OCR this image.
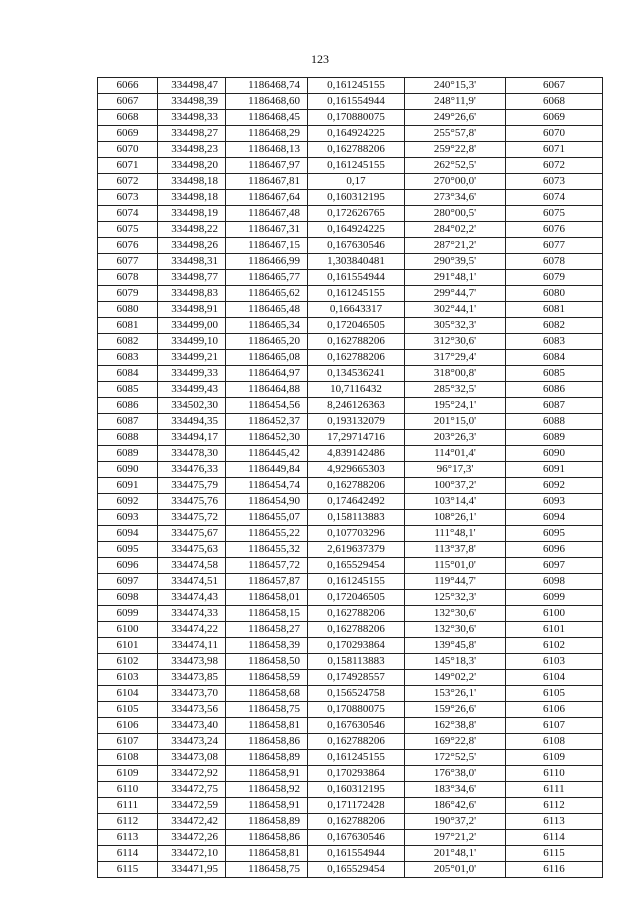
123
6066	334498,47	1186468,74	0,161245155	240°15,3'	6067
6067	334498,39	1186468,60	0,161554944	248°11,9'	6068
6068	334498,33	1186468,45	0,170880075	249°26,6'	6069
6069	334498,27	1186468,29	0,164924225	255°57,8'	6070
6070	334498,23	1186468,13	0,162788206	259°22,8'	6071
6071	334498,20	1186467,97	0,161245155	262°52,5'	6072
6072	334498,18	1186467,81	0,17	270°00,0'	6073
6073	334498,18	1186467,64	0,160312195	273°34,6'	6074
6074	334498,19	1186467,48	0,172626765	280°00,5'	6075
6075	334498,22	1186467,31	0,164924225	284°02,2'	6076
6076	334498,26	1186467,15	0,167630546	287°21,2'	6077
6077	334498,31	1186466,99	1,303840481	290°39,5'	6078
6078	334498,77	1186465,77	0,161554944	291°48,1'	6079
6079	334498,83	1186465,62	0,161245155	299°44,7'	6080
6080	334498,91	1186465,48	0,16643317	302°44,1'	6081
6081	334499,00	1186465,34	0,172046505	305°32,3'	6082
6082	334499,10	1186465,20	0,162788206	312°30,6'	6083
6083	334499,21	1186465,08	0,162788206	317°29,4'	6084
6084	334499,33	1186464,97	0,134536241	318°00,8'	6085
6085	334499,43	1186464,88	10,7116432	285°32,5'	6086
6086	334502,30	1186454,56	8,246126363	195°24,1'	6087
6087	334494,35	1186452,37	0,193132079	201°15,0'	6088
6088	334494,17	1186452,30	17,29714716	203°26,3'	6089
6089	334478,30	1186445,42	4,839142486	114°01,4'	6090
6090	334476,33	1186449,84	4,929665303	96°17,3'	6091
6091	334475,79	1186454,74	0,162788206	100°37,2'	6092
6092	334475,76	1186454,90	0,174642492	103°14,4'	6093
6093	334475,72	1186455,07	0,158113883	108°26,1'	6094
6094	334475,67	1186455,22	0,107703296	111°48,1'	6095
6095	334475,63	1186455,32	2,619637379	113°37,8'	6096
6096	334474,58	1186457,72	0,165529454	115°01,0'	6097
6097	334474,51	1186457,87	0,161245155	119°44,7'	6098
6098	334474,43	1186458,01	0,172046505	125°32,3'	6099
6099	334474,33	1186458,15	0,162788206	132°30,6'	6100
6100	334474,22	1186458,27	0,162788206	132°30,6'	6101
6101	334474,11	1186458,39	0,170293864	139°45,8'	6102
6102	334473,98	1186458,50	0,158113883	145°18,3'	6103
6103	334473,85	1186458,59	0,174928557	149°02,2'	6104
6104	334473,70	1186458,68	0,156524758	153°26,1'	6105
6105	334473,56	1186458,75	0,170880075	159°26,6'	6106
6106	334473,40	1186458,81	0,167630546	162°38,8'	6107
6107	334473,24	1186458,86	0,162788206	169°22,8'	6108
6108	334473,08	1186458,89	0,161245155	172°52,5'	6109
6109	334472,92	1186458,91	0,170293864	176°38,0'	6110
6110	334472,75	1186458,92	0,160312195	183°34,6'	6111
6111	334472,59	1186458,91	0,171172428	186°42,6'	6112
6112	334472,42	1186458,89	0,162788206	190°37,2'	6113
6113	334472,26	1186458,86	0,167630546	197°21,2'	6114
6114	334472,10	1186458,81	0,161554944	201°48,1'	6115
6115	334471,95	1186458,75	0,165529454	205°01,0'	6116
